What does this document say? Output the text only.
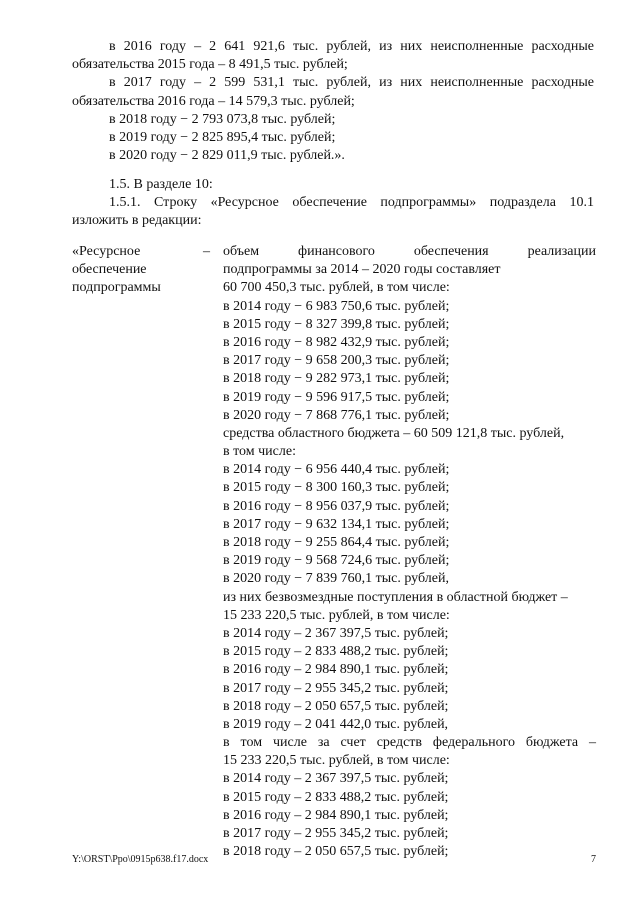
в 2016 году – 2 641 921,6 тыс. рублей, из них неисполненные расходные
обязательства 2015 года – 8 491,5 тыс. рублей;
в 2017 году – 2 599 531,1 тыс. рублей, из них неисполненные расходные
обязательства 2016 года – 14 579,3 тыс. рублей;
в 2018 году − 2 793 073,8 тыс. рублей;
в 2019 году − 2 825 895,4 тыс. рублей;
в 2020 году − 2 829 011,9 тыс. рублей.».
1.5. В разделе 10:
1.5.1. Строку «Ресурсное обеспечение подпрограммы» подраздела 10.1
изложить в редакции:
«Ресурсное
обеспечение
подпрограммы
– объем финансового обеспечения реализации
подпрограммы за 2014 – 2020 годы составляет
60 700 450,3 тыс. рублей, в том числе:
в 2014 году − 6 983 750,6 тыс. рублей;
в 2015 году − 8 327 399,8 тыс. рублей;
в 2016 году − 8 982 432,9 тыс. рублей;
в 2017 году − 9 658 200,3 тыс. рублей;
в 2018 году − 9 282 973,1 тыс. рублей;
в 2019 году − 9 596 917,5 тыс. рублей;
в 2020 году − 7 868 776,1 тыс. рублей;
средства областного бюджета – 60 509 121,8 тыс. рублей,
в том числе:
в 2014 году − 6 956 440,4 тыс. рублей;
в 2015 году − 8 300 160,3 тыс. рублей;
в 2016 году − 8 956 037,9 тыс. рублей;
в 2017 году − 9 632 134,1 тыс. рублей;
в 2018 году − 9 255 864,4 тыс. рублей;
в 2019 году − 9 568 724,6 тыс. рублей;
в 2020 году − 7 839 760,1 тыс. рублей,
из них безвозмездные поступления в областной бюджет –
15 233 220,5 тыс. рублей, в том числе:
в 2014 году – 2 367 397,5 тыс. рублей;
в 2015 году – 2 833 488,2 тыс. рублей;
в 2016 году – 2 984 890,1 тыс. рублей;
в 2017 году – 2 955 345,2 тыс. рублей;
в 2018 году – 2 050 657,5 тыс. рублей;
в 2019 году – 2 041 442,0 тыс. рублей,
в том числе за счет средств федерального бюджета –
15 233 220,5 тыс. рублей, в том числе:
в 2014 году – 2 367 397,5 тыс. рублей;
в 2015 году – 2 833 488,2 тыс. рублей;
в 2016 году – 2 984 890,1 тыс. рублей;
в 2017 году – 2 955 345,2 тыс. рублей;
в 2018 году – 2 050 657,5 тыс. рублей;
Y:\ORST\Ppo\0915p638.f17.docx	7
